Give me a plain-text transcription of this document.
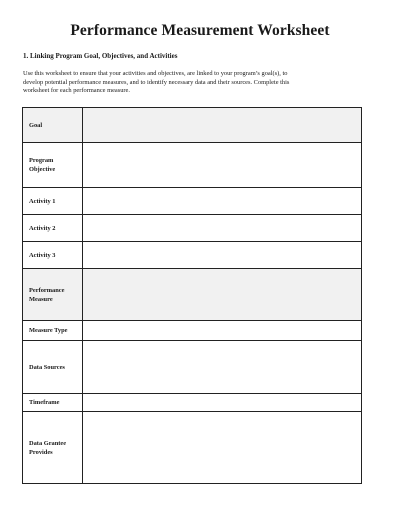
Performance Measurement Worksheet
1. Linking Program Goal, Objectives, and Activities

Use this worksheet to ensure that your activities and objectives, are linked to your program’s goal(s), to
develop potential performance measures, and to identify necessary data and their sources. Complete this
worksheet for each performance measure.

Goal	
Program
Objective	
Activity 1	
Activity 2	
Activity 3	
Performance
Measure	
Measure Type	
Data Sources	
Timeframe	
Data Grantee
Provides	
